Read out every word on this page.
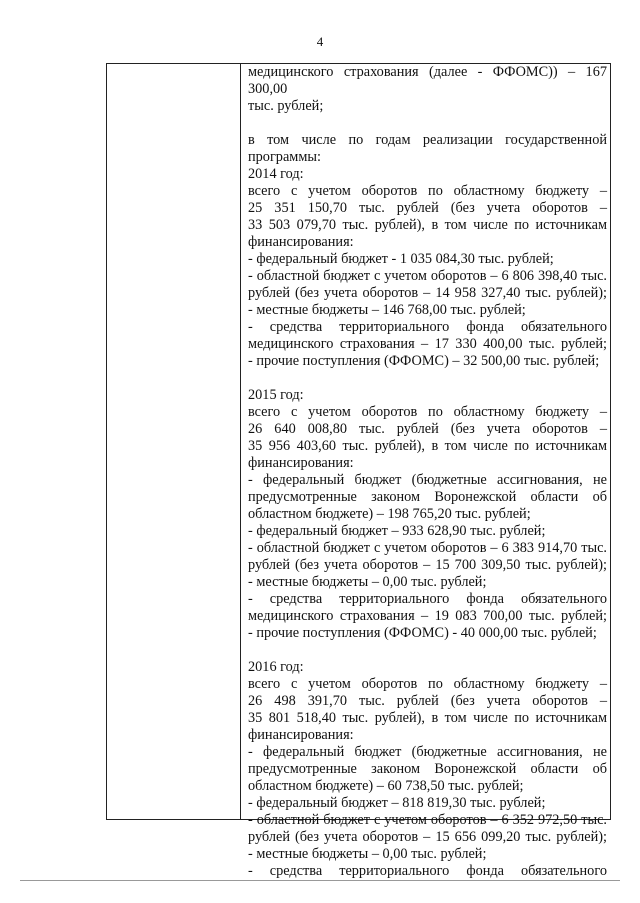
4

медицинского страхования (далее - ФФОМС)) – 167 300,00

тыс. рублей;

в том числе по годам реализации государственной

программы:

2014 год:

всего с учетом оборотов по областному бюджету –

25 351 150,70 тыс. рублей (без учета оборотов –

33 503 079,70 тыс. рублей), в том числе по источникам

финансирования:

- федеральный бюджет - 1 035 084,30 тыс. рублей;

- областной бюджет с учетом оборотов – 6 806 398,40 тыс.

рублей (без учета оборотов – 14 958 327,40 тыс. рублей);

- местные бюджеты – 146 768,00 тыс. рублей;

- средства территориального фонда обязательного

медицинского страхования – 17 330 400,00 тыс. рублей;

- прочие поступления (ФФОМС) – 32 500,00 тыс. рублей;

2015 год:

всего с учетом оборотов по областному бюджету –

26 640 008,80 тыс. рублей (без учета оборотов –

35 956 403,60 тыс. рублей), в том числе по источникам

финансирования:

- федеральный бюджет (бюджетные ассигнования, не

предусмотренные законом Воронежской области об

областном бюджете) – 198 765,20 тыс. рублей;

- федеральный бюджет – 933 628,90 тыс. рублей;

- областной бюджет с учетом оборотов – 6 383 914,70 тыс.

рублей (без учета оборотов – 15 700 309,50 тыс. рублей);

- местные бюджеты – 0,00 тыс. рублей;

- средства территориального фонда обязательного

медицинского страхования – 19 083 700,00 тыс. рублей;

- прочие поступления (ФФОМС) - 40 000,00 тыс. рублей;

2016 год:

всего с учетом оборотов по областному бюджету –

26 498 391,70 тыс. рублей (без учета оборотов –

35 801 518,40 тыс. рублей), в том числе по источникам

финансирования:

- федеральный бюджет (бюджетные ассигнования, не

предусмотренные законом Воронежской области об

областном бюджете) – 60 738,50 тыс. рублей;

- федеральный бюджет – 818 819,30 тыс. рублей;

- областной бюджет с учетом оборотов – 6 352 972,50 тыс.

рублей (без учета оборотов – 15 656 099,20 тыс. рублей);

- местные бюджеты – 0,00 тыс. рублей;

- средства территориального фонда обязательного
